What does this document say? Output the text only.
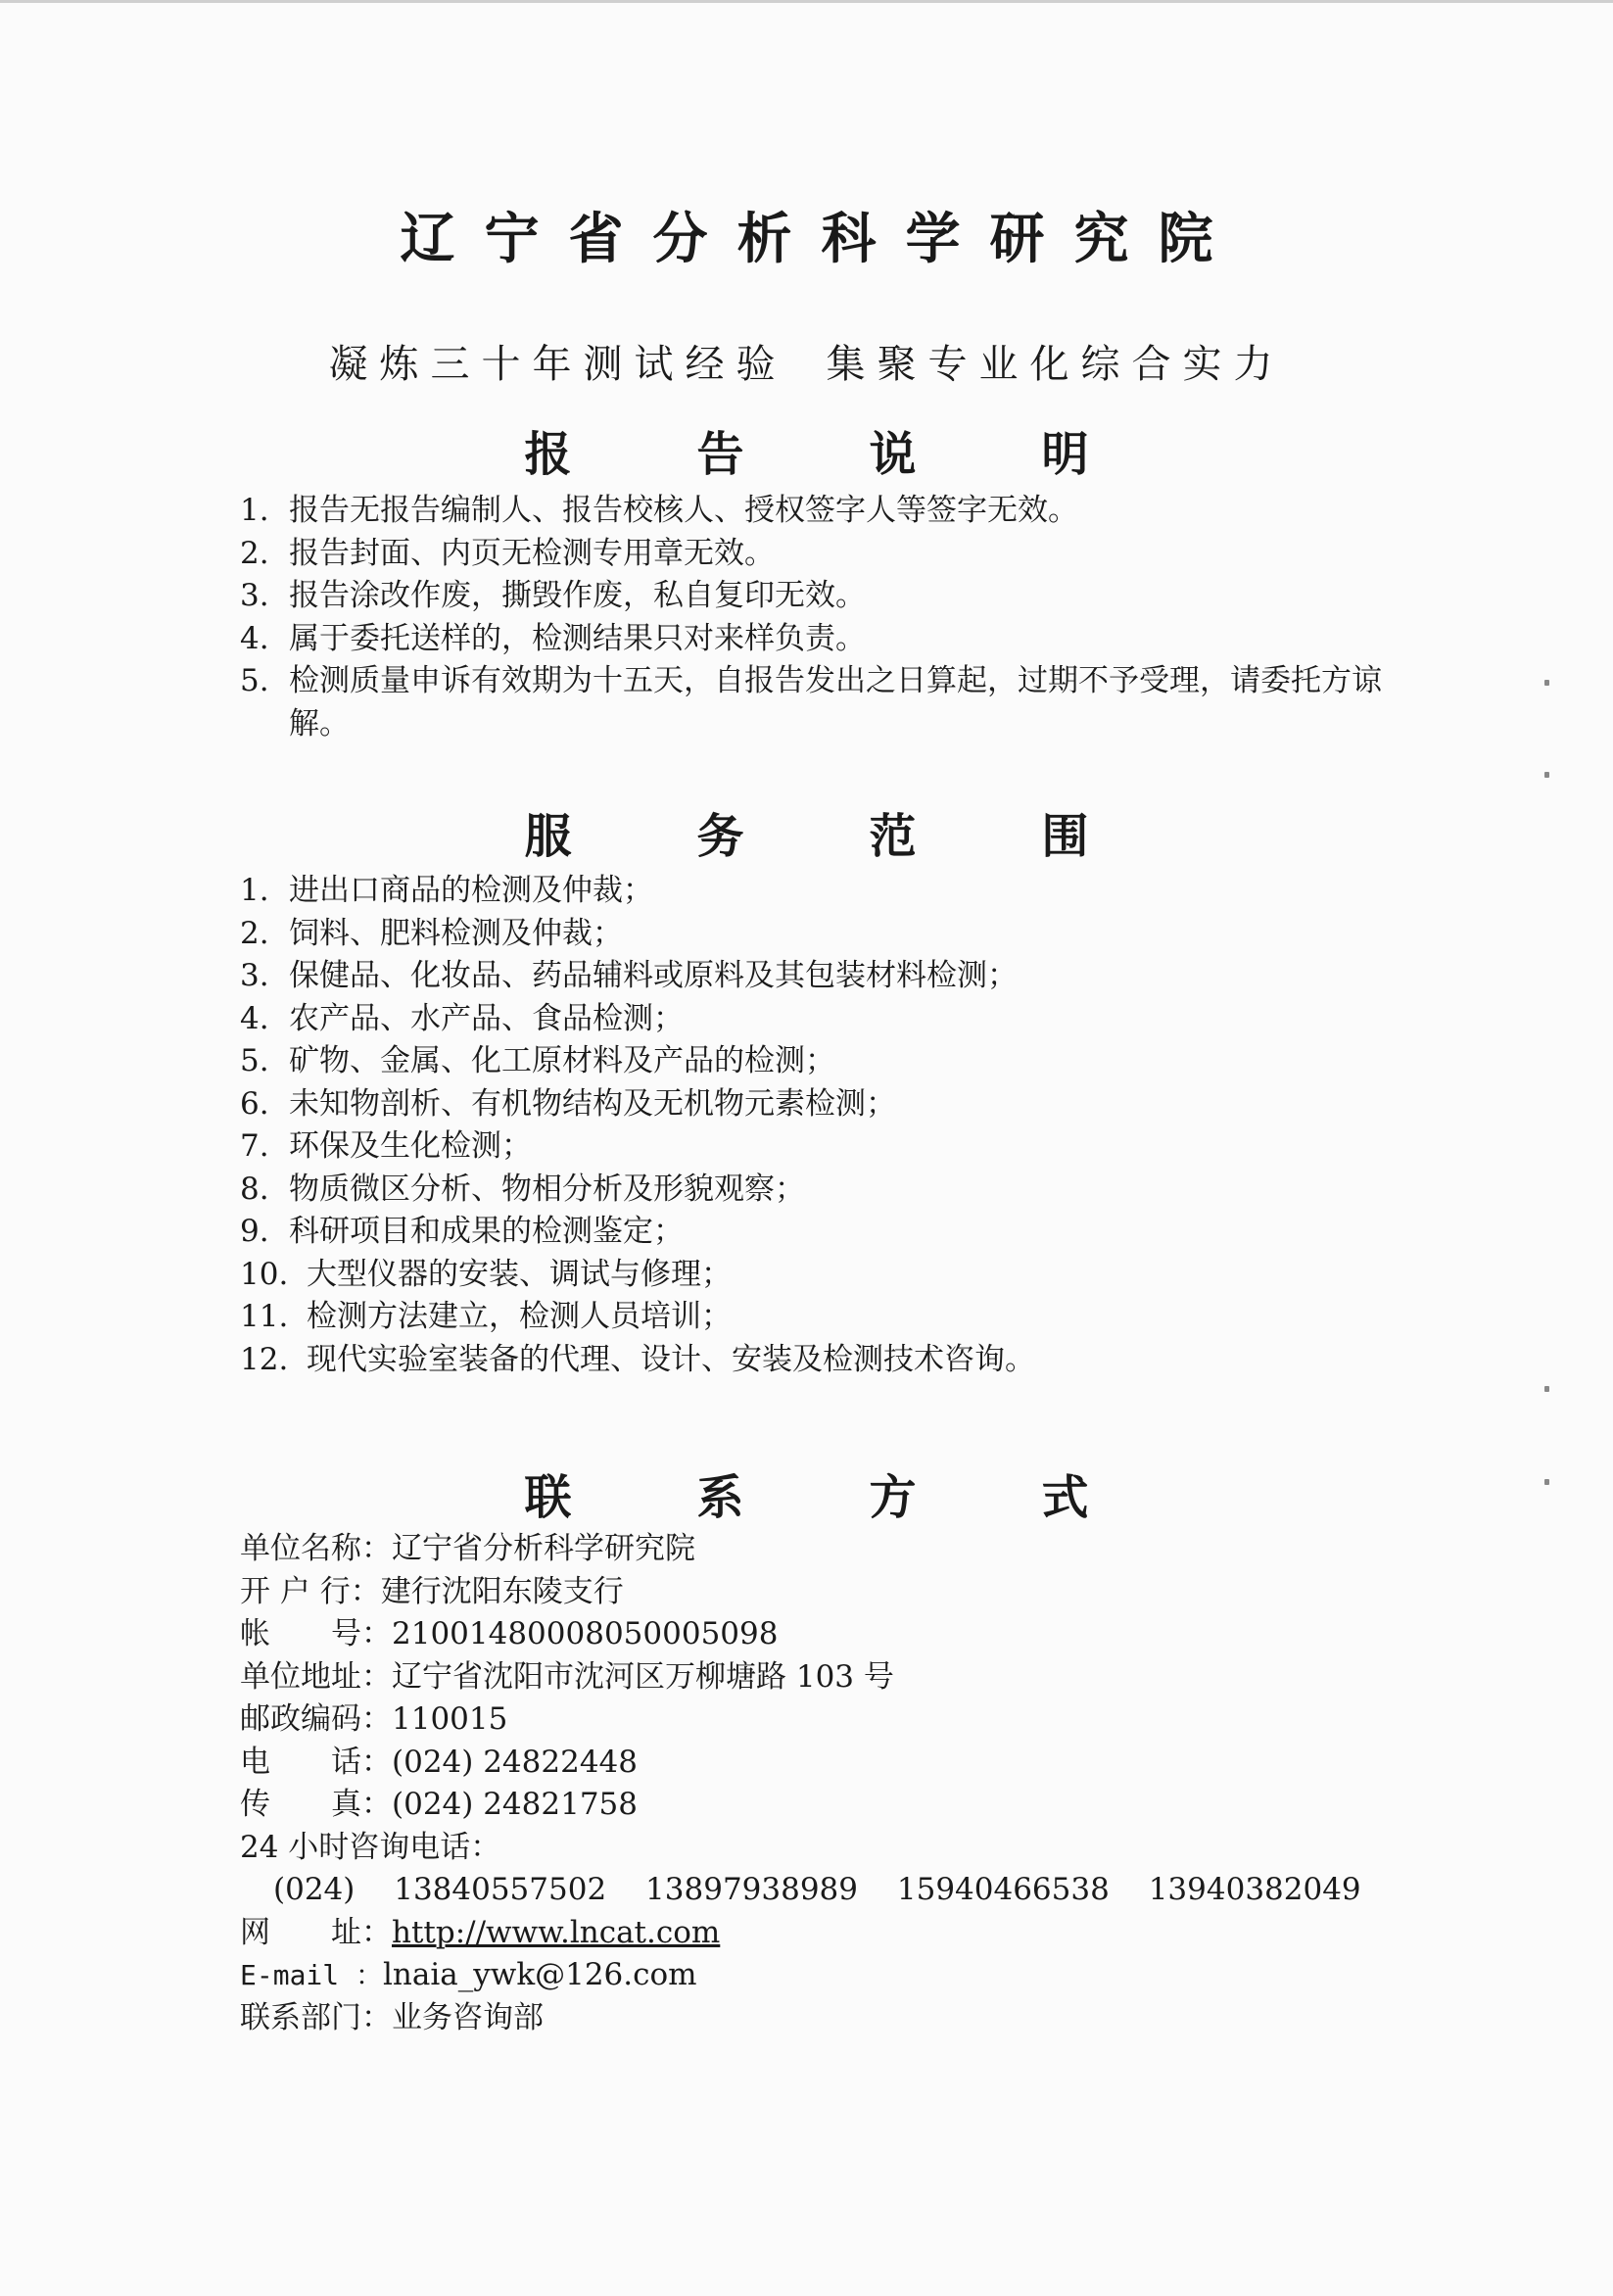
辽宁省分析科学研究院
凝炼三十年测试经验 集聚专业化综合实力
报告说明
1. 报告无报告编制人、报告校核人、授权签字人等签字无效。
2. 报告封面、内页无检测专用章无效。
3. 报告涂改作废，撕毁作废，私自复印无效。
4. 属于委托送样的，检测结果只对来样负责。
5. 检测质量申诉有效期为十五天，自报告发出之日算起，过期不予受理，请委托方谅解。
服务范围
1. 进出口商品的检测及仲裁；
2. 饲料、肥料检测及仲裁；
3. 保健品、化妆品、药品辅料或原料及其包装材料检测；
4. 农产品、水产品、食品检测；
5. 矿物、金属、化工原材料及产品的检测；
6. 未知物剖析、有机物结构及无机物元素检测；
7. 环保及生化检测；
8. 物质微区分析、物相分析及形貌观察；
9. 科研项目和成果的检测鉴定；
10. 大型仪器的安装、调试与修理；
11. 检测方法建立，检测人员培训；
12. 现代实验室装备的代理、设计、安装及检测技术咨询。
联系方式
单位名称：辽宁省分析科学研究院
开 户 行：建行沈阳东陵支行
帐　　号：21001480008050005098
单位地址：辽宁省沈阳市沈河区万柳塘路 103 号
邮政编码：110015
电　　话：(024) 24822448
传　　真：(024) 24821758
24 小时咨询电话：
(024) 13840557502 13897938989 15940466538 13940382049
网　　址：http://www.lncat.com
E-mail ：lnaia_ywk@126.com
联系部门：业务咨询部
